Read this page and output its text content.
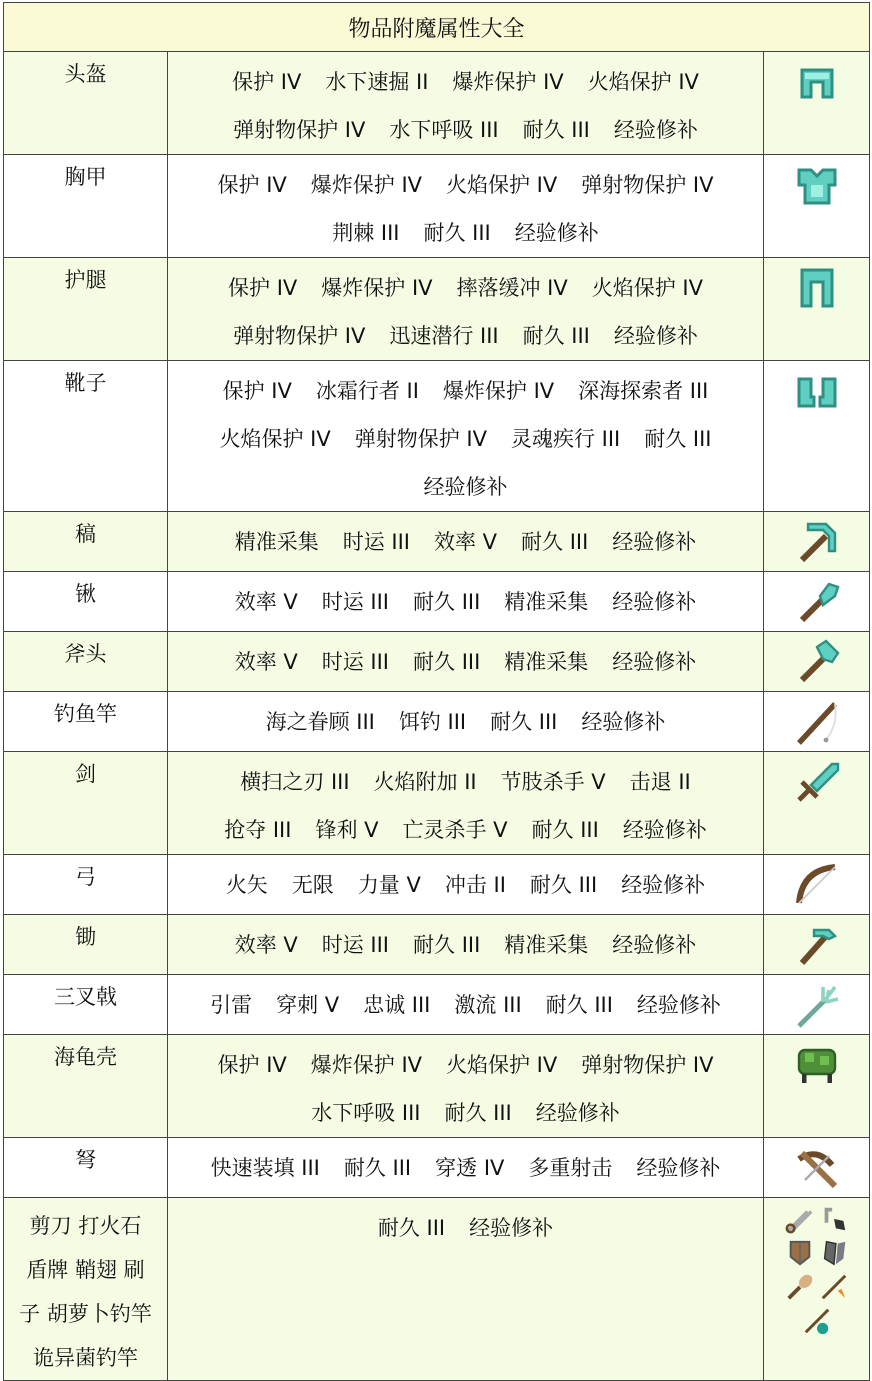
物品附魔属性大全		
头盔	保护 IV 水下速掘 II 爆炸保护 IV 火焰保护 IV
弹射物保护 IV 水下呼吸 III 耐久 III 经验修补

胸甲	保护 IV 爆炸保护 IV 火焰保护 IV 弹射物保护 IV
荆棘 III 耐久 III 经验修补

护腿	保护 IV 爆炸保护 IV 摔落缓冲 IV 火焰保护 IV
弹射物保护 IV 迅速潜行 III 耐久 III 经验修补

靴子	保护 IV 冰霜行者 II 爆炸保护 IV 深海探索者 III
火焰保护 IV 弹射物保护 IV 灵魂疾行 III 耐久 III
经验修补

稿	精准采集 时运 III 效率 V 耐久 III 经验修补

锹	效率 V 时运 III 耐久 III 精准采集 经验修补

斧头	效率 V 时运 III 耐久 III 精准采集 经验修补

钓鱼竿	海之眷顾 III 饵钓 III 耐久 III 经验修补

剑	横扫之刃 III 火焰附加 II 节肢杀手 V 击退 II
抢夺 III 锋利 V 亡灵杀手 V 耐久 III 经验修补

弓	火矢 无限 力量 V 冲击 II 耐久 III 经验修补

锄	效率 V 时运 III 耐久 III 精准采集 经验修补

三叉戟	引雷 穿刺 V 忠诚 III 激流 III 耐久 III 经验修补

海龟壳	保护 IV 爆炸保护 IV 火焰保护 IV 弹射物保护 IV
水下呼吸 III 耐久 III 经验修补

弩	快速装填 III 耐久 III 穿透 IV 多重射击 经验修补

剪刀 打火石
盾牌 鞘翅 刷
子 胡萝卜钓竿
诡异菌钓竿	耐久 III 经验修补
